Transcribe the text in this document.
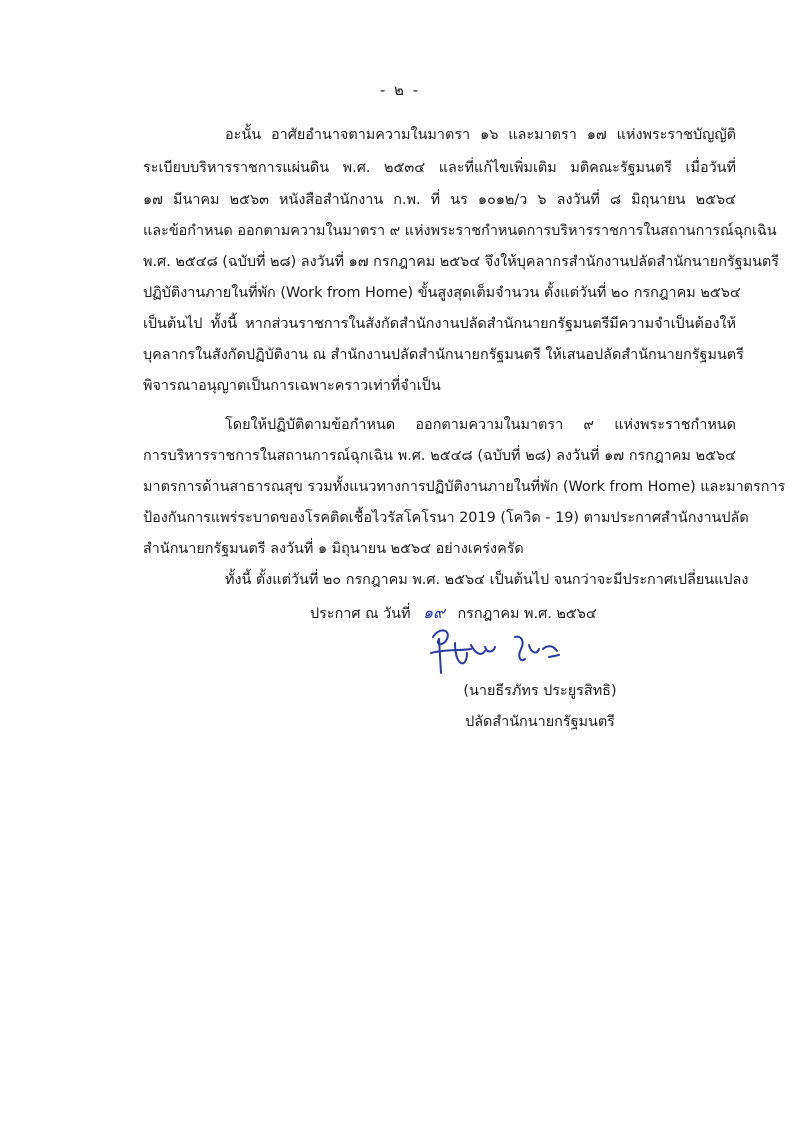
- ๒ -
อะนั้น อาศัยอำนาจตามความในมาตรา ๑๖ และมาตรา ๑๗ แห่งพระราชบัญญัติ
ระเบียบบริหารราชการแผ่นดิน พ.ศ. ๒๕๓๔ และที่แก้ไขเพิ่มเติม มติคณะรัฐมนตรี เมื่อวันที่
๑๗ มีนาคม ๒๕๖๓ หนังสือสำนักงาน ก.พ. ที่ นร ๑๐๑๒/ว ๖ ลงวันที่ ๘ มิถุนายน ๒๕๖๔
และข้อกำหนด ออกตามความในมาตรา ๙ แห่งพระราชกำหนดการบริหารราชการในสถานการณ์ฉุกเฉิน
พ.ศ. ๒๕๔๘ (ฉบับที่ ๒๘) ลงวันที่ ๑๗ กรกฎาคม ๒๕๖๔ จึงให้บุคลากรสำนักงานปลัดสำนักนายกรัฐมนตรี
ปฏิบัติงานภายในที่พัก (Work from Home) ขั้นสูงสุดเต็มจำนวน ตั้งแต่วันที่ ๒๐ กรกฎาคม ๒๕๖๔
เป็นต้นไป ทั้งนี้ หากส่วนราชการในสังกัดสำนักงานปลัดสำนักนายกรัฐมนตรีมีความจำเป็นต้องให้
บุคลากรในสังกัดปฏิบัติงาน ณ สำนักงานปลัดสำนักนายกรัฐมนตรี ให้เสนอปลัดสำนักนายกรัฐมนตรี
พิจารณาอนุญาตเป็นการเฉพาะคราวเท่าที่จำเป็น
โดยให้ปฏิบัติตามข้อกำหนด ออกตามความในมาตรา ๙ แห่งพระราชกำหนด
การบริหารราชการในสถานการณ์ฉุกเฉิน พ.ศ. ๒๕๔๘ (ฉบับที่ ๒๘) ลงวันที่ ๑๗ กรกฎาคม ๒๕๖๔
มาตรการด้านสาธารณสุข รวมทั้งแนวทางการปฏิบัติงานภายในที่พัก (Work from Home) และมาตรการ
ป้องกันการแพร่ระบาดของโรคติดเชื้อไวรัสโคโรนา 2019 (โควิด - 19) ตามประกาศสำนักงานปลัด
สำนักนายกรัฐมนตรี ลงวันที่ ๑ มิถุนายน ๒๕๖๔ อย่างเคร่งครัด
ทั้งนี้ ตั้งแต่วันที่ ๒๐ กรกฎาคม พ.ศ. ๒๕๖๔ เป็นต้นไป จนกว่าจะมีประกาศเปลี่ยนแปลง
ประกาศ ณ วันที่ ๑๙ กรกฎาคม พ.ศ. ๒๕๖๔
(นายธีรภัทร ประยูรสิทธิ)
ปลัดสำนักนายกรัฐมนตรี
